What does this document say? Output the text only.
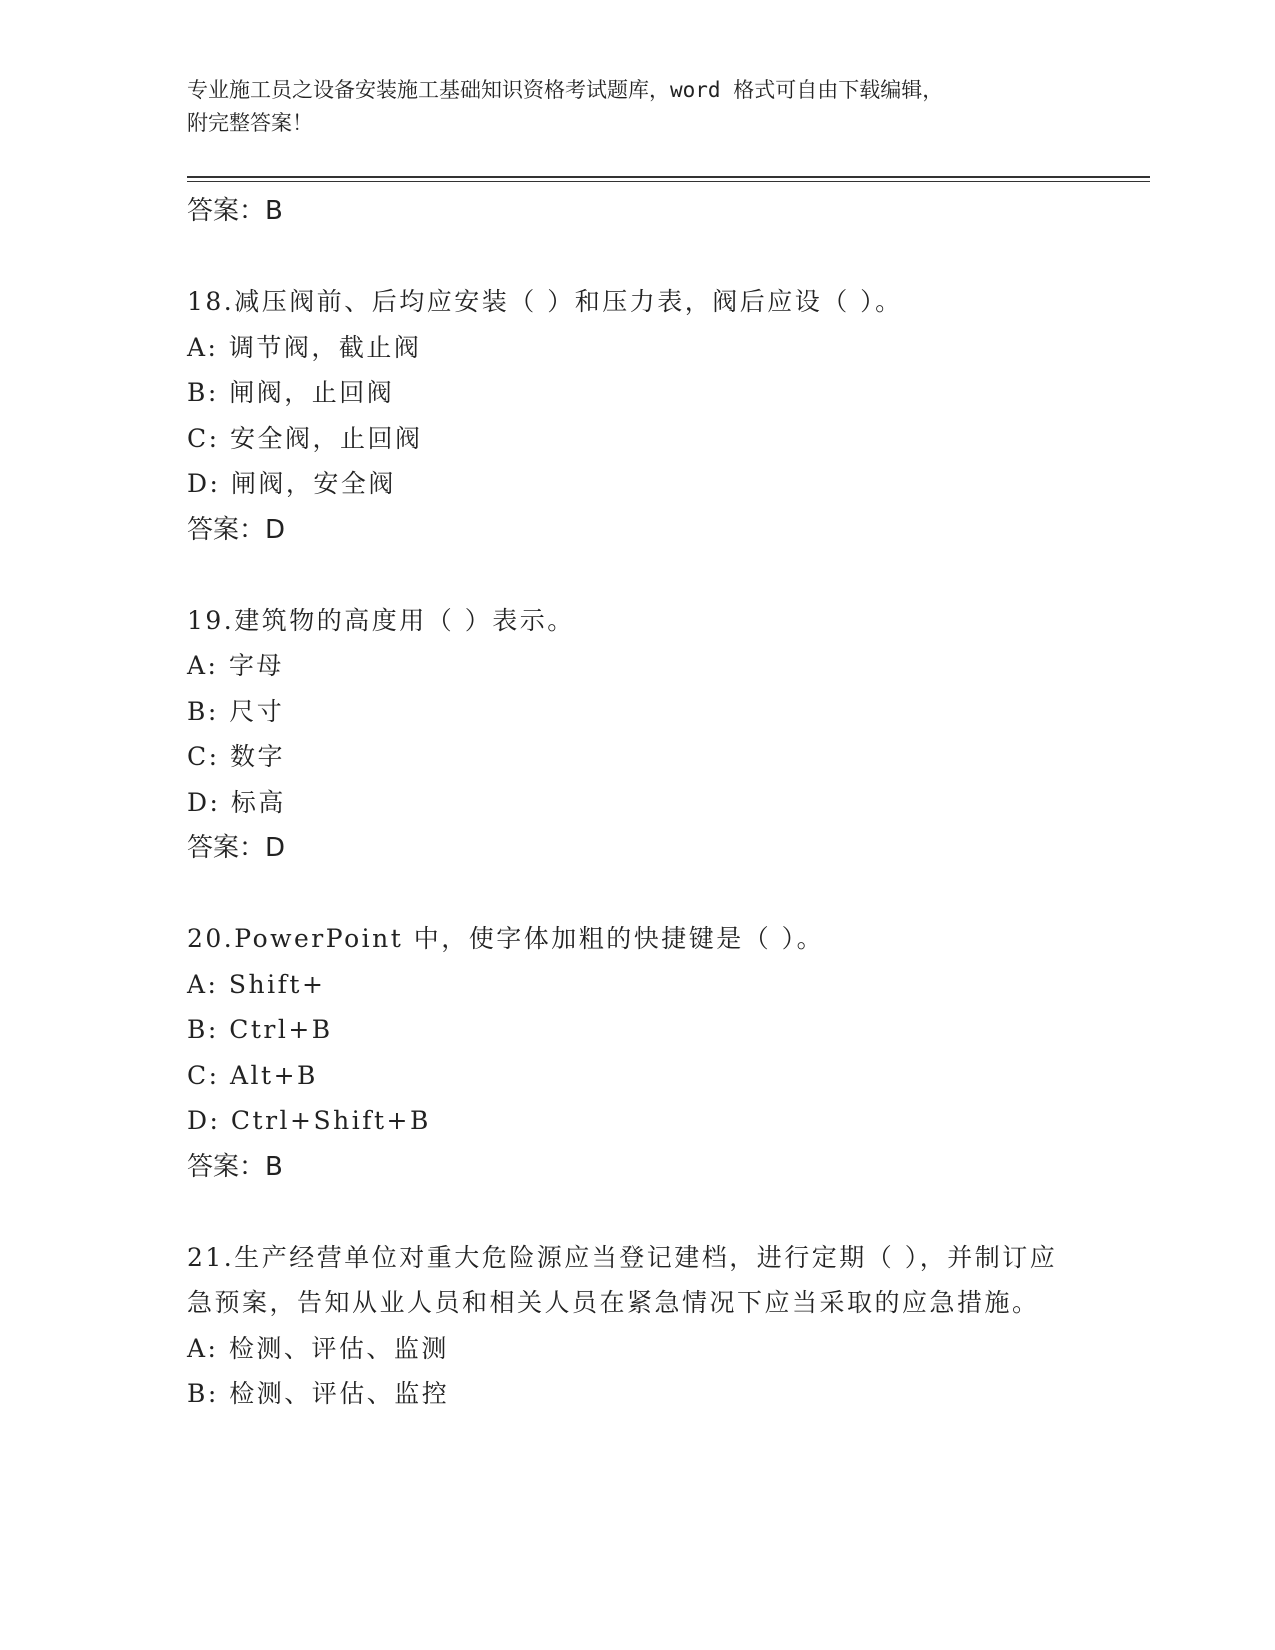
专业施工员之设备安装施工基础知识资格考试题库，word 格式可自由下载编辑，
附完整答案！
答案：B

18.减压阀前、后均应安装（ ）和压力表，阀后应设（ ）。

A: 调节阀，截止阀

B: 闸阀，止回阀

C: 安全阀，止回阀

D: 闸阀，安全阀

答案：D

19.建筑物的高度用（ ）表示。

A: 字母

B: 尺寸

C: 数字

D: 标高

答案：D

20.PowerPoint 中，使字体加粗的快捷键是（ ）。

A: Shift+

B: Ctrl+B

C: Alt+B

D: Ctrl+Shift+B

答案：B

21.生产经营单位对重大危险源应当登记建档，进行定期（ ），并制订应急预案，告知从业人员和相关人员在紧急情况下应当采取的应急措施。

A: 检测、评估、监测

B: 检测、评估、监控
